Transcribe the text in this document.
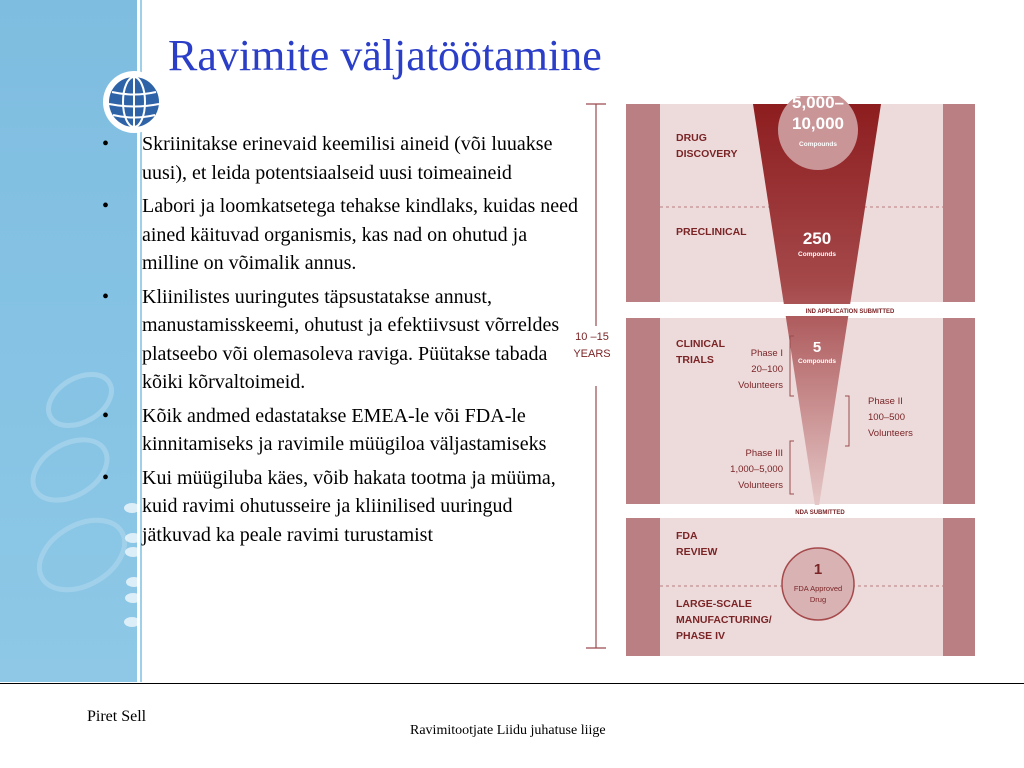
Ravimite väljatöötamine
•	Skriinitakse erinevaid keemilisi aineid (või luuakse uusi), et leida potentsiaalseid uusi toimeaineid
•	Labori ja loomkatsetega tehakse kindlaks, kuidas need ained käituvad organismis, kas nad on ohutud ja milline on võimalik annus.
•	Kliinilistes uuringutes täpsustatakse annust, manustamisskeemi, ohutust ja efektiivsust võrreldes platseebo või olemasoleva raviga. Püütakse tabada kõiki kõrvaltoimeid.
•	Kõik andmed edastatakse EMEA-le või FDA-le kinnitamiseks ja ravimile müügiloa väljastamiseks
•	Kui müügiluba käes, võib hakata tootma ja müüma, kuid ravimi ohutusseire ja kliinilised uuringud jätkuvad ka peale ravimi turustamist
10 –15
YEARS
IND APPLICATION SUBMITTED
NDA SUBMITTED
DRUG
DISCOVERY
PRECLINICAL
CLINICAL
TRIALS
FDA
REVIEW
LARGE-SCALE
MANUFACTURING/
PHASE IV
5,000–
10,000
Compounds
250
Compounds
5
Compounds
1
FDA Approved
Drug
Phase I
20–100
Volunteers
Phase II
100–500
Volunteers
Phase III
1,000–5,000
Volunteers
Piret Sell
Ravimitootjate Liidu juhatuse liige
